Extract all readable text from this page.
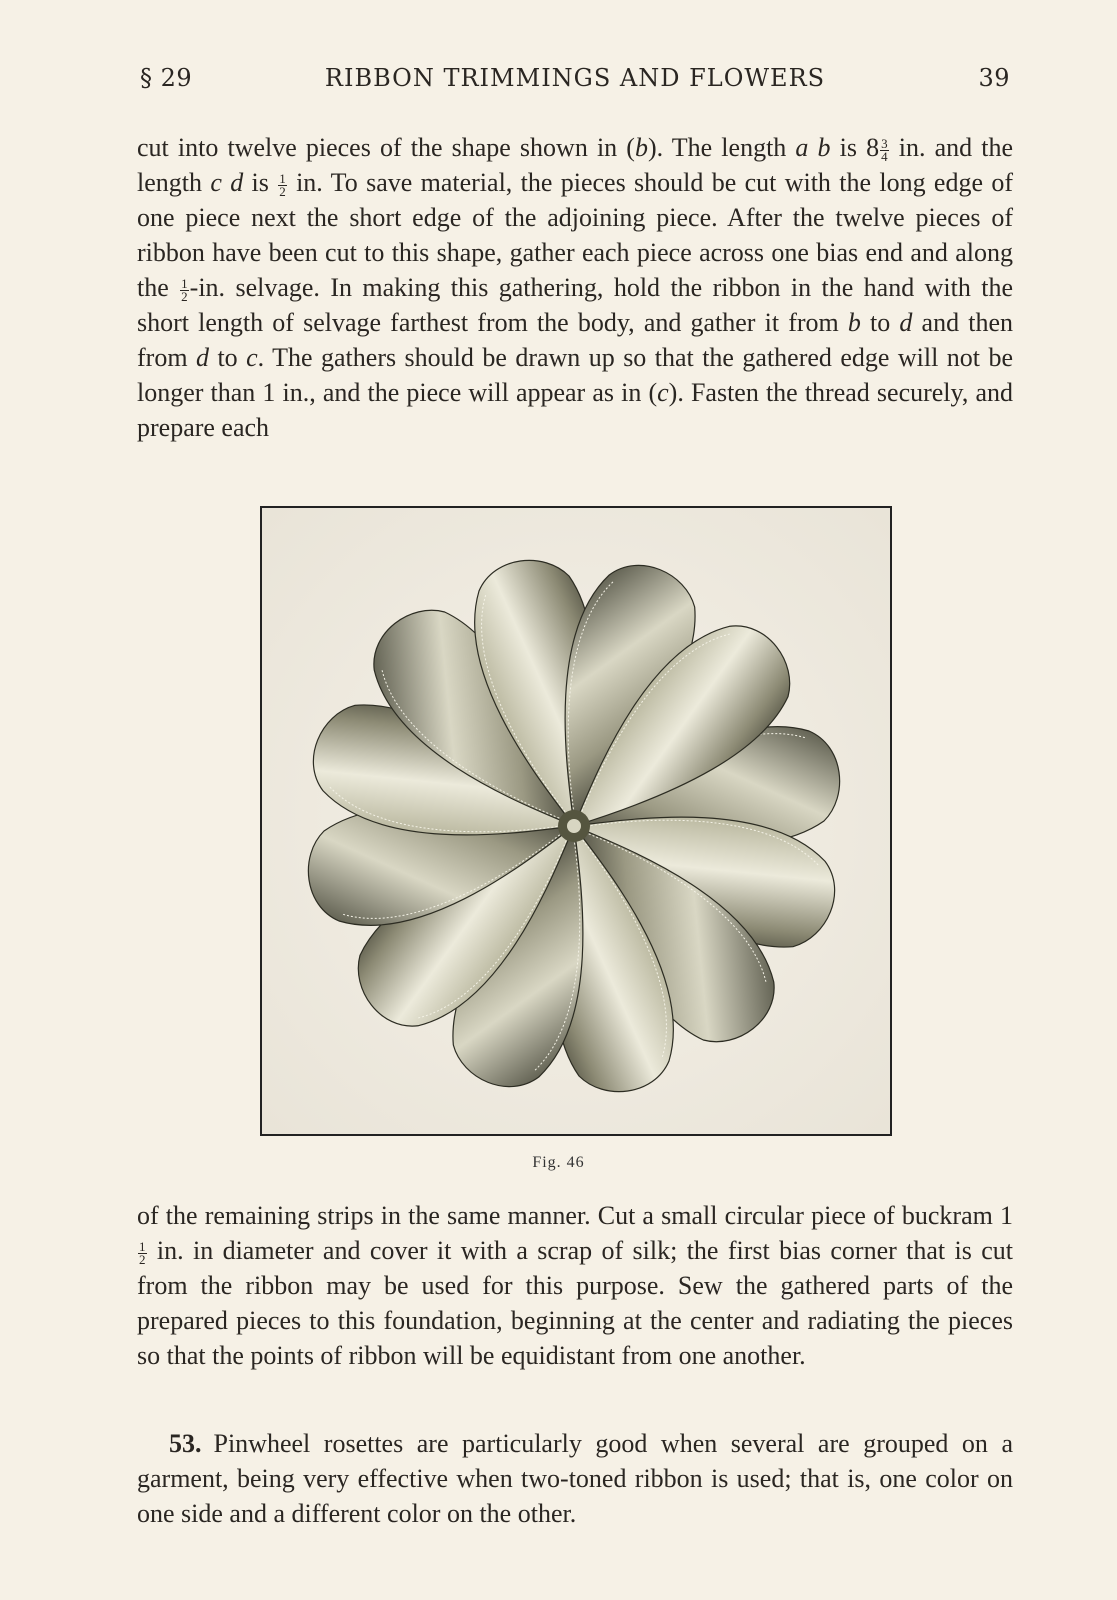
§ 29	RIBBON TRIMMINGS AND FLOWERS	39

cut into twelve pieces of the shape shown in (b). The length a b is $8 \frac{3}{4}$ in. and the length c d is $\frac{1}{2}$ in. To save material, the pieces should be cut with the long edge of one piece next the short edge of the adjoining piece. After the twelve pieces of ribbon have been cut to this shape, gather each piece across one bias end and along the $\frac{1}{2} -in$. selvage. In making this gathering, hold the ribbon in the hand with the short length of selvage farthest from the body, and gather it from b to d and then from d to c. The gathers should be drawn up so that the gathered edge will not be longer than 1 in., and the piece will appear as in (c). Fasten the thread securely, and prepare each

Fig. 46

of the remaining strips in the same manner. Cut a small circular piece of buckram 1
$\frac{1}{2}$ in. in diameter and cover it with a scrap of silk; the first bias corner that is cut from the ribbon may be used for this purpose. Sew the gathered parts of the prepared pieces to this foundation, beginning at the center and radiating the pieces so that the points of ribbon will be equidistant from one another.

53. Pinwheel rosettes are particularly good when several are grouped on a garment, being very effective when two-toned ribbon is used; that is, one color on one side and a different color on the other.
